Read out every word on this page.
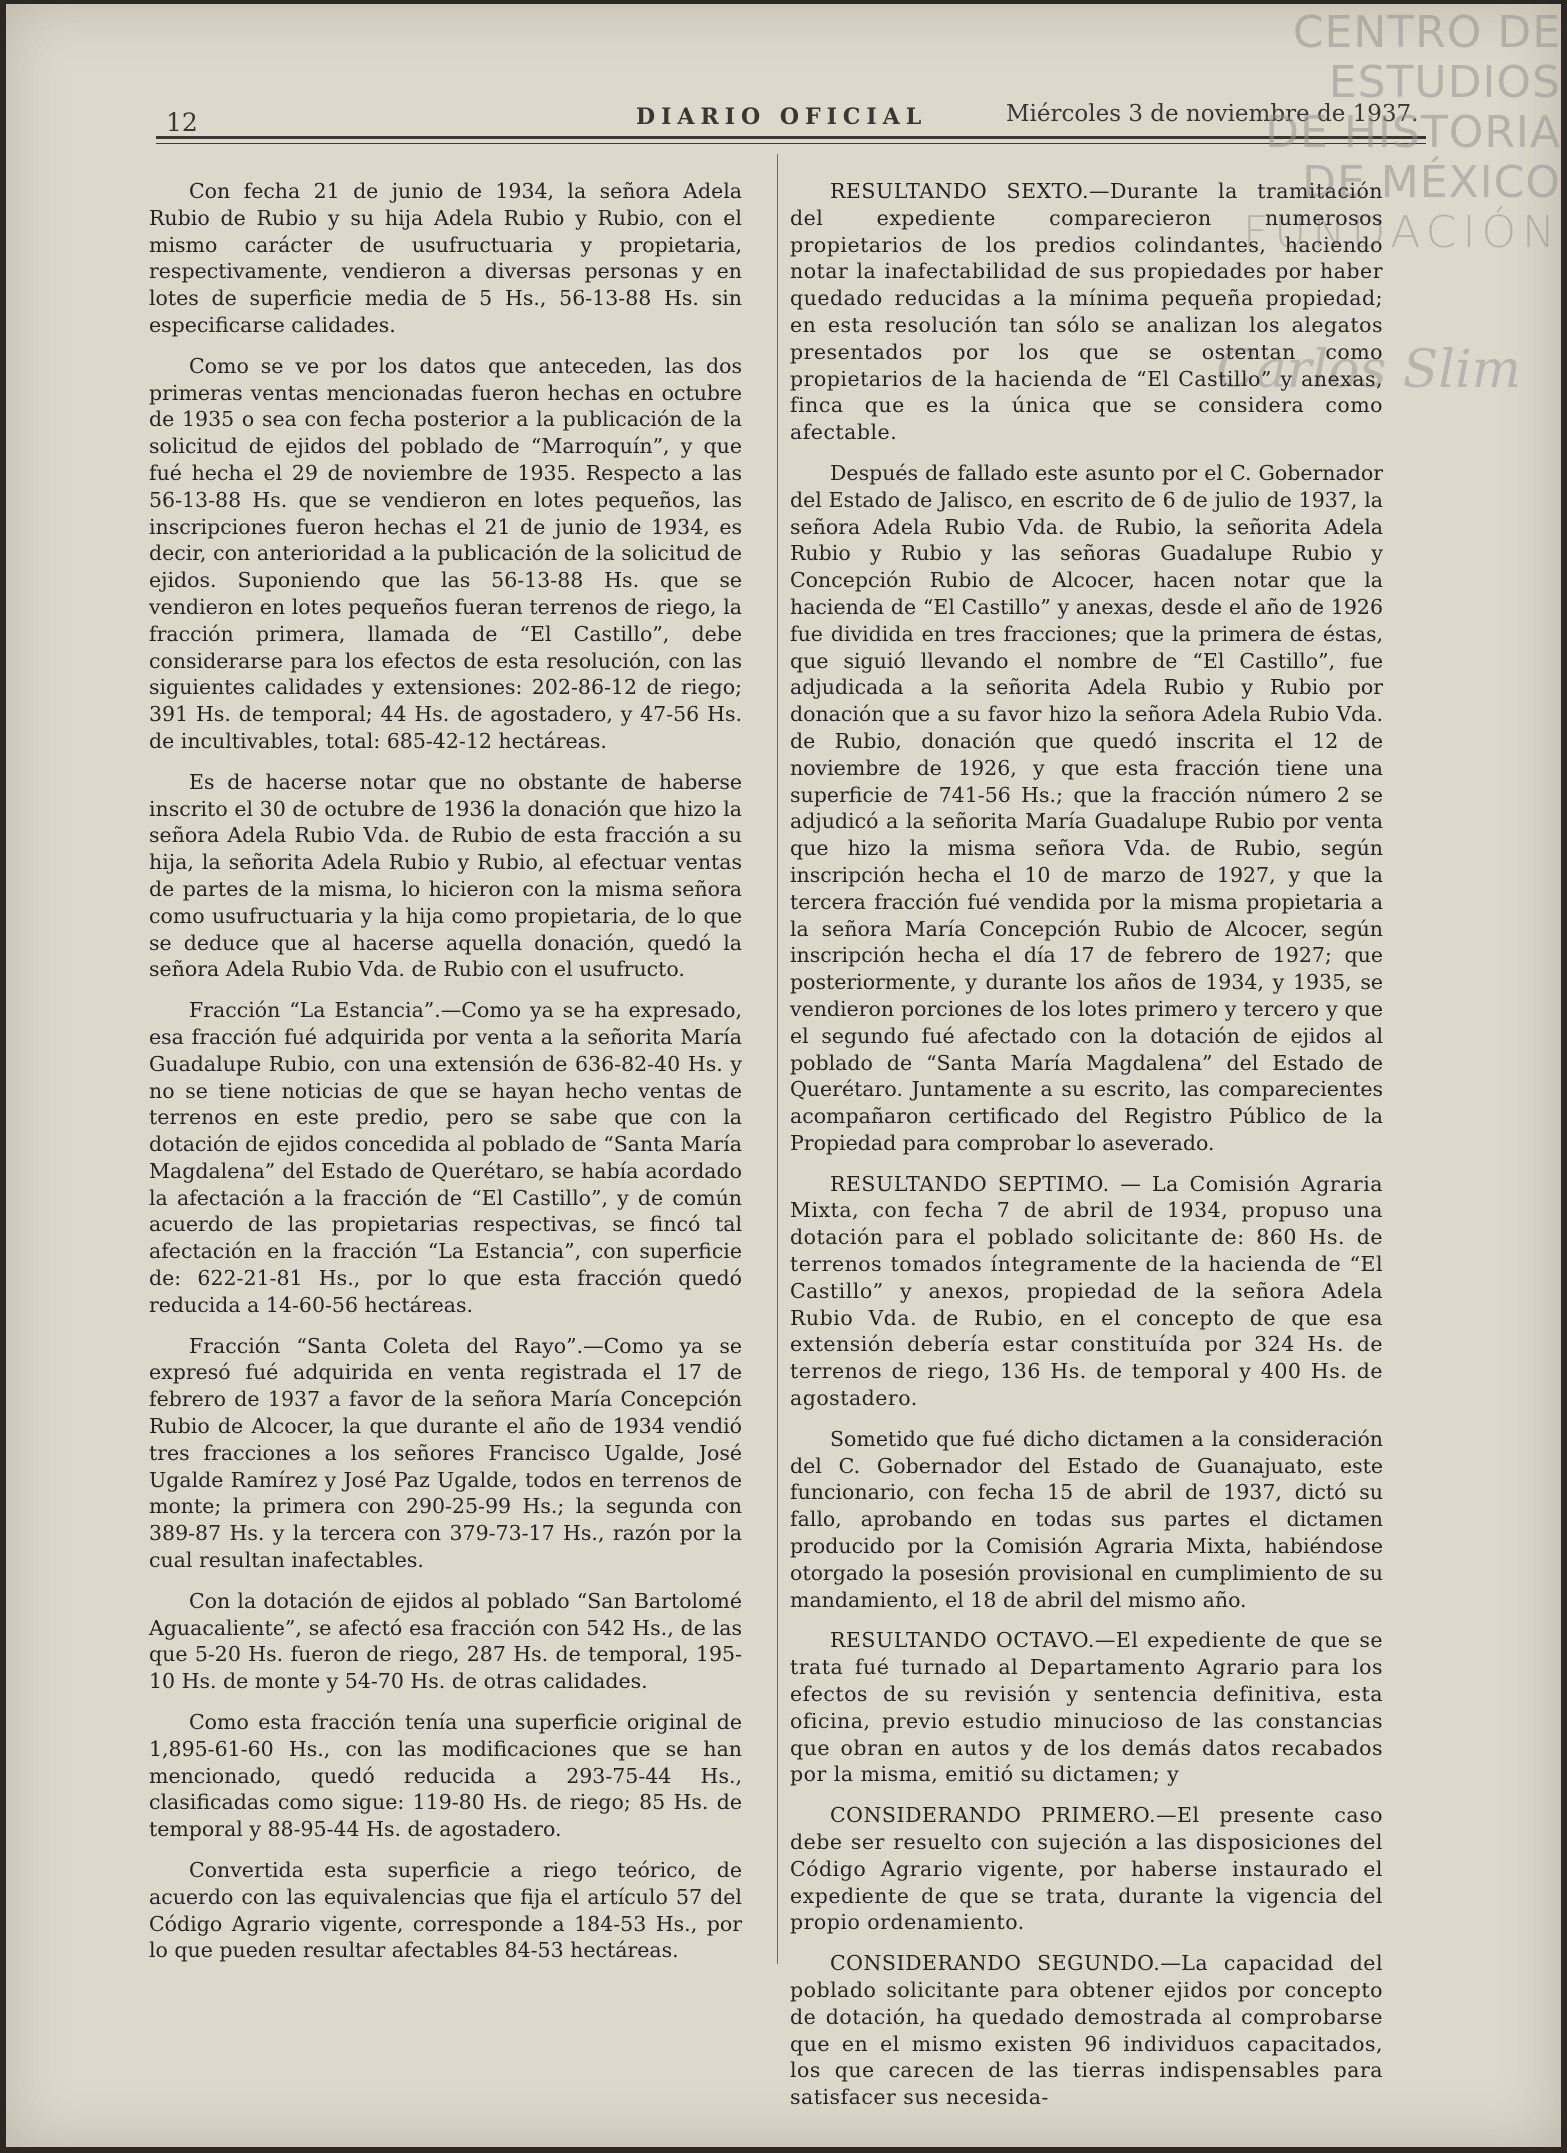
12	DIARIO OFICIAL	Miércoles 3 de noviembre de 1937.
CENTRO DE
ESTUDIOS
DE HISTORIA
DE MÉXICO
FUNDACIÓN
Carlos Slim

Con fecha 21 de junio de 1934, la señora Adela Rubio de Rubio y su hija Adela Rubio y Rubio, con el mismo carácter de usufructuaria y propietaria, respectivamente, vendieron a diversas personas y en lotes de superficie media de 5 Hs., 56-13-88 Hs. sin especificarse calidades.

Como se ve por los datos que anteceden, las dos primeras ventas mencionadas fueron hechas en octubre de 1935 o sea con fecha posterior a la publicación de la solicitud de ejidos del poblado de “Marroquín”, y que fué hecha el 29 de noviembre de 1935. Respecto a las 56-13-88 Hs. que se vendieron en lotes pequeños, las inscripciones fueron hechas el 21 de junio de 1934, es decir, con anterioridad a la publicación de la solicitud de ejidos. Suponiendo que las 56-13-88 Hs. que se vendieron en lotes pequeños fueran terrenos de riego, la fracción primera, llamada de “El Castillo”, debe considerarse para los efectos de esta resolución, con las siguientes calidades y extensiones: 202-86-12 de riego; 391 Hs. de temporal; 44 Hs. de agostadero, y 47-56 Hs. de incultivables, total: 685-42-12 hectáreas.

Es de hacerse notar que no obstante de haberse inscrito el 30 de octubre de 1936 la donación que hizo la señora Adela Rubio Vda. de Rubio de esta fracción a su hija, la señorita Adela Rubio y Rubio, al efectuar ventas de partes de la misma, lo hicieron con la misma señora como usufructuaria y la hija como propietaria, de lo que se deduce que al hacerse aquella donación, quedó la señora Adela Rubio Vda. de Rubio con el usufructo.

Fracción “La Estancia”.—Como ya se ha expresado, esa fracción fué adquirida por venta a la señorita María Guadalupe Rubio, con una extensión de 636-82-40 Hs. y no se tiene noticias de que se hayan hecho ventas de terrenos en este predio, pero se sabe que con la dotación de ejidos concedida al poblado de “Santa María Magdalena” del Estado de Querétaro, se había acordado la afectación a la fracción de “El Castillo”, y de común acuerdo de las propietarias respectivas, se fincó tal afectación en la fracción “La Estancia”, con superficie de: 622-21-81 Hs., por lo que esta fracción quedó reducida a 14-60-56 hectáreas.

Fracción “Santa Coleta del Rayo”.—Como ya se expresó fué adquirida en venta registrada el 17 de febrero de 1937 a favor de la señora María Concepción Rubio de Alcocer, la que durante el año de 1934 vendió tres fracciones a los señores Francisco Ugalde, José Ugalde Ramírez y José Paz Ugalde, todos en terrenos de monte; la primera con 290-25-99 Hs.; la segunda con 389-87 Hs. y la tercera con 379-73-17 Hs., razón por la cual resultan inafectables.

Con la dotación de ejidos al poblado “San Bartolomé Aguacaliente”, se afectó esa fracción con 542 Hs., de las que 5-20 Hs. fueron de riego, 287 Hs. de temporal, 195-10 Hs. de monte y 54-70 Hs. de otras calidades.

Como esta fracción tenía una superficie original de 1,895-61-60 Hs., con las modificaciones que se han mencionado, quedó reducida a 293-75-44 Hs., clasificadas como sigue: 119-80 Hs. de riego; 85 Hs. de temporal y 88-95-44 Hs. de agostadero.

Convertida esta superficie a riego teórico, de acuerdo con las equivalencias que fija el artículo 57 del Código Agrario vigente, corresponde a 184-53 Hs., por lo que pueden resultar afectables 84-53 hectáreas.

RESULTANDO SEXTO.—Durante la tramitación del expediente comparecieron numerosos propietarios de los predios colindantes, haciendo notar la inafectabilidad de sus propiedades por haber quedado reducidas a la mínima pequeña propiedad; en esta resolución tan sólo se analizan los alegatos presentados por los que se ostentan como propietarios de la hacienda de “El Castillo” y anexas, finca que es la única que se considera como afectable.

Después de fallado este asunto por el C. Gobernador del Estado de Jalisco, en escrito de 6 de julio de 1937, la señora Adela Rubio Vda. de Rubio, la señorita Adela Rubio y Rubio y las señoras Guadalupe Rubio y Concepción Rubio de Alcocer, hacen notar que la hacienda de “El Castillo” y anexas, desde el año de 1926 fue dividida en tres fracciones; que la primera de éstas, que siguió llevando el nombre de “El Castillo”, fue adjudicada a la señorita Adela Rubio y Rubio por donación que a su favor hizo la señora Adela Rubio Vda. de Rubio, donación que quedó inscrita el 12 de noviembre de 1926, y que esta fracción tiene una superficie de 741-56 Hs.; que la fracción número 2 se adjudicó a la señorita María Guadalupe Rubio por venta que hizo la misma señora Vda. de Rubio, según inscripción hecha el 10 de marzo de 1927, y que la tercera fracción fué vendida por la misma propietaria a la señora María Concepción Rubio de Alcocer, según inscripción hecha el día 17 de febrero de 1927; que posteriormente, y durante los años de 1934, y 1935, se vendieron porciones de los lotes primero y tercero y que el segundo fué afectado con la dotación de ejidos al poblado de “Santa María Magdalena” del Estado de Querétaro. Juntamente a su escrito, las comparecientes acompañaron certificado del Registro Público de la Propiedad para comprobar lo aseverado.

RESULTANDO SEPTIMO. — La Comisión Agraria Mixta, con fecha 7 de abril de 1934, propuso una dotación para el poblado solicitante de: 860 Hs. de terrenos tomados íntegramente de la hacienda de “El Castillo” y anexos, propiedad de la señora Adela Rubio Vda. de Rubio, en el concepto de que esa extensión debería estar constituída por 324 Hs. de terrenos de riego, 136 Hs. de temporal y 400 Hs. de agostadero.

Sometido que fué dicho dictamen a la consideración del C. Gobernador del Estado de Guanajuato, este funcionario, con fecha 15 de abril de 1937, dictó su fallo, aprobando en todas sus partes el dictamen producido por la Comisión Agraria Mixta, habiéndose otorgado la posesión provisional en cumplimiento de su mandamiento, el 18 de abril del mismo año.

RESULTANDO OCTAVO.—El expediente de que se trata fué turnado al Departamento Agrario para los efectos de su revisión y sentencia definitiva, esta oficina, previo estudio minucioso de las constancias que obran en autos y de los demás datos recabados por la misma, emitió su dictamen; y

CONSIDERANDO PRIMERO.—El presente caso debe ser resuelto con sujeción a las disposiciones del Código Agrario vigente, por haberse instaurado el expediente de que se trata, durante la vigencia del propio ordenamiento.

CONSIDERANDO SEGUNDO.—La capacidad del poblado solicitante para obtener ejidos por concepto de dotación, ha quedado demostrada al comprobarse que en el mismo existen 96 individuos capacitados, los que carecen de las tierras indispensables para satisfacer sus necesida-
